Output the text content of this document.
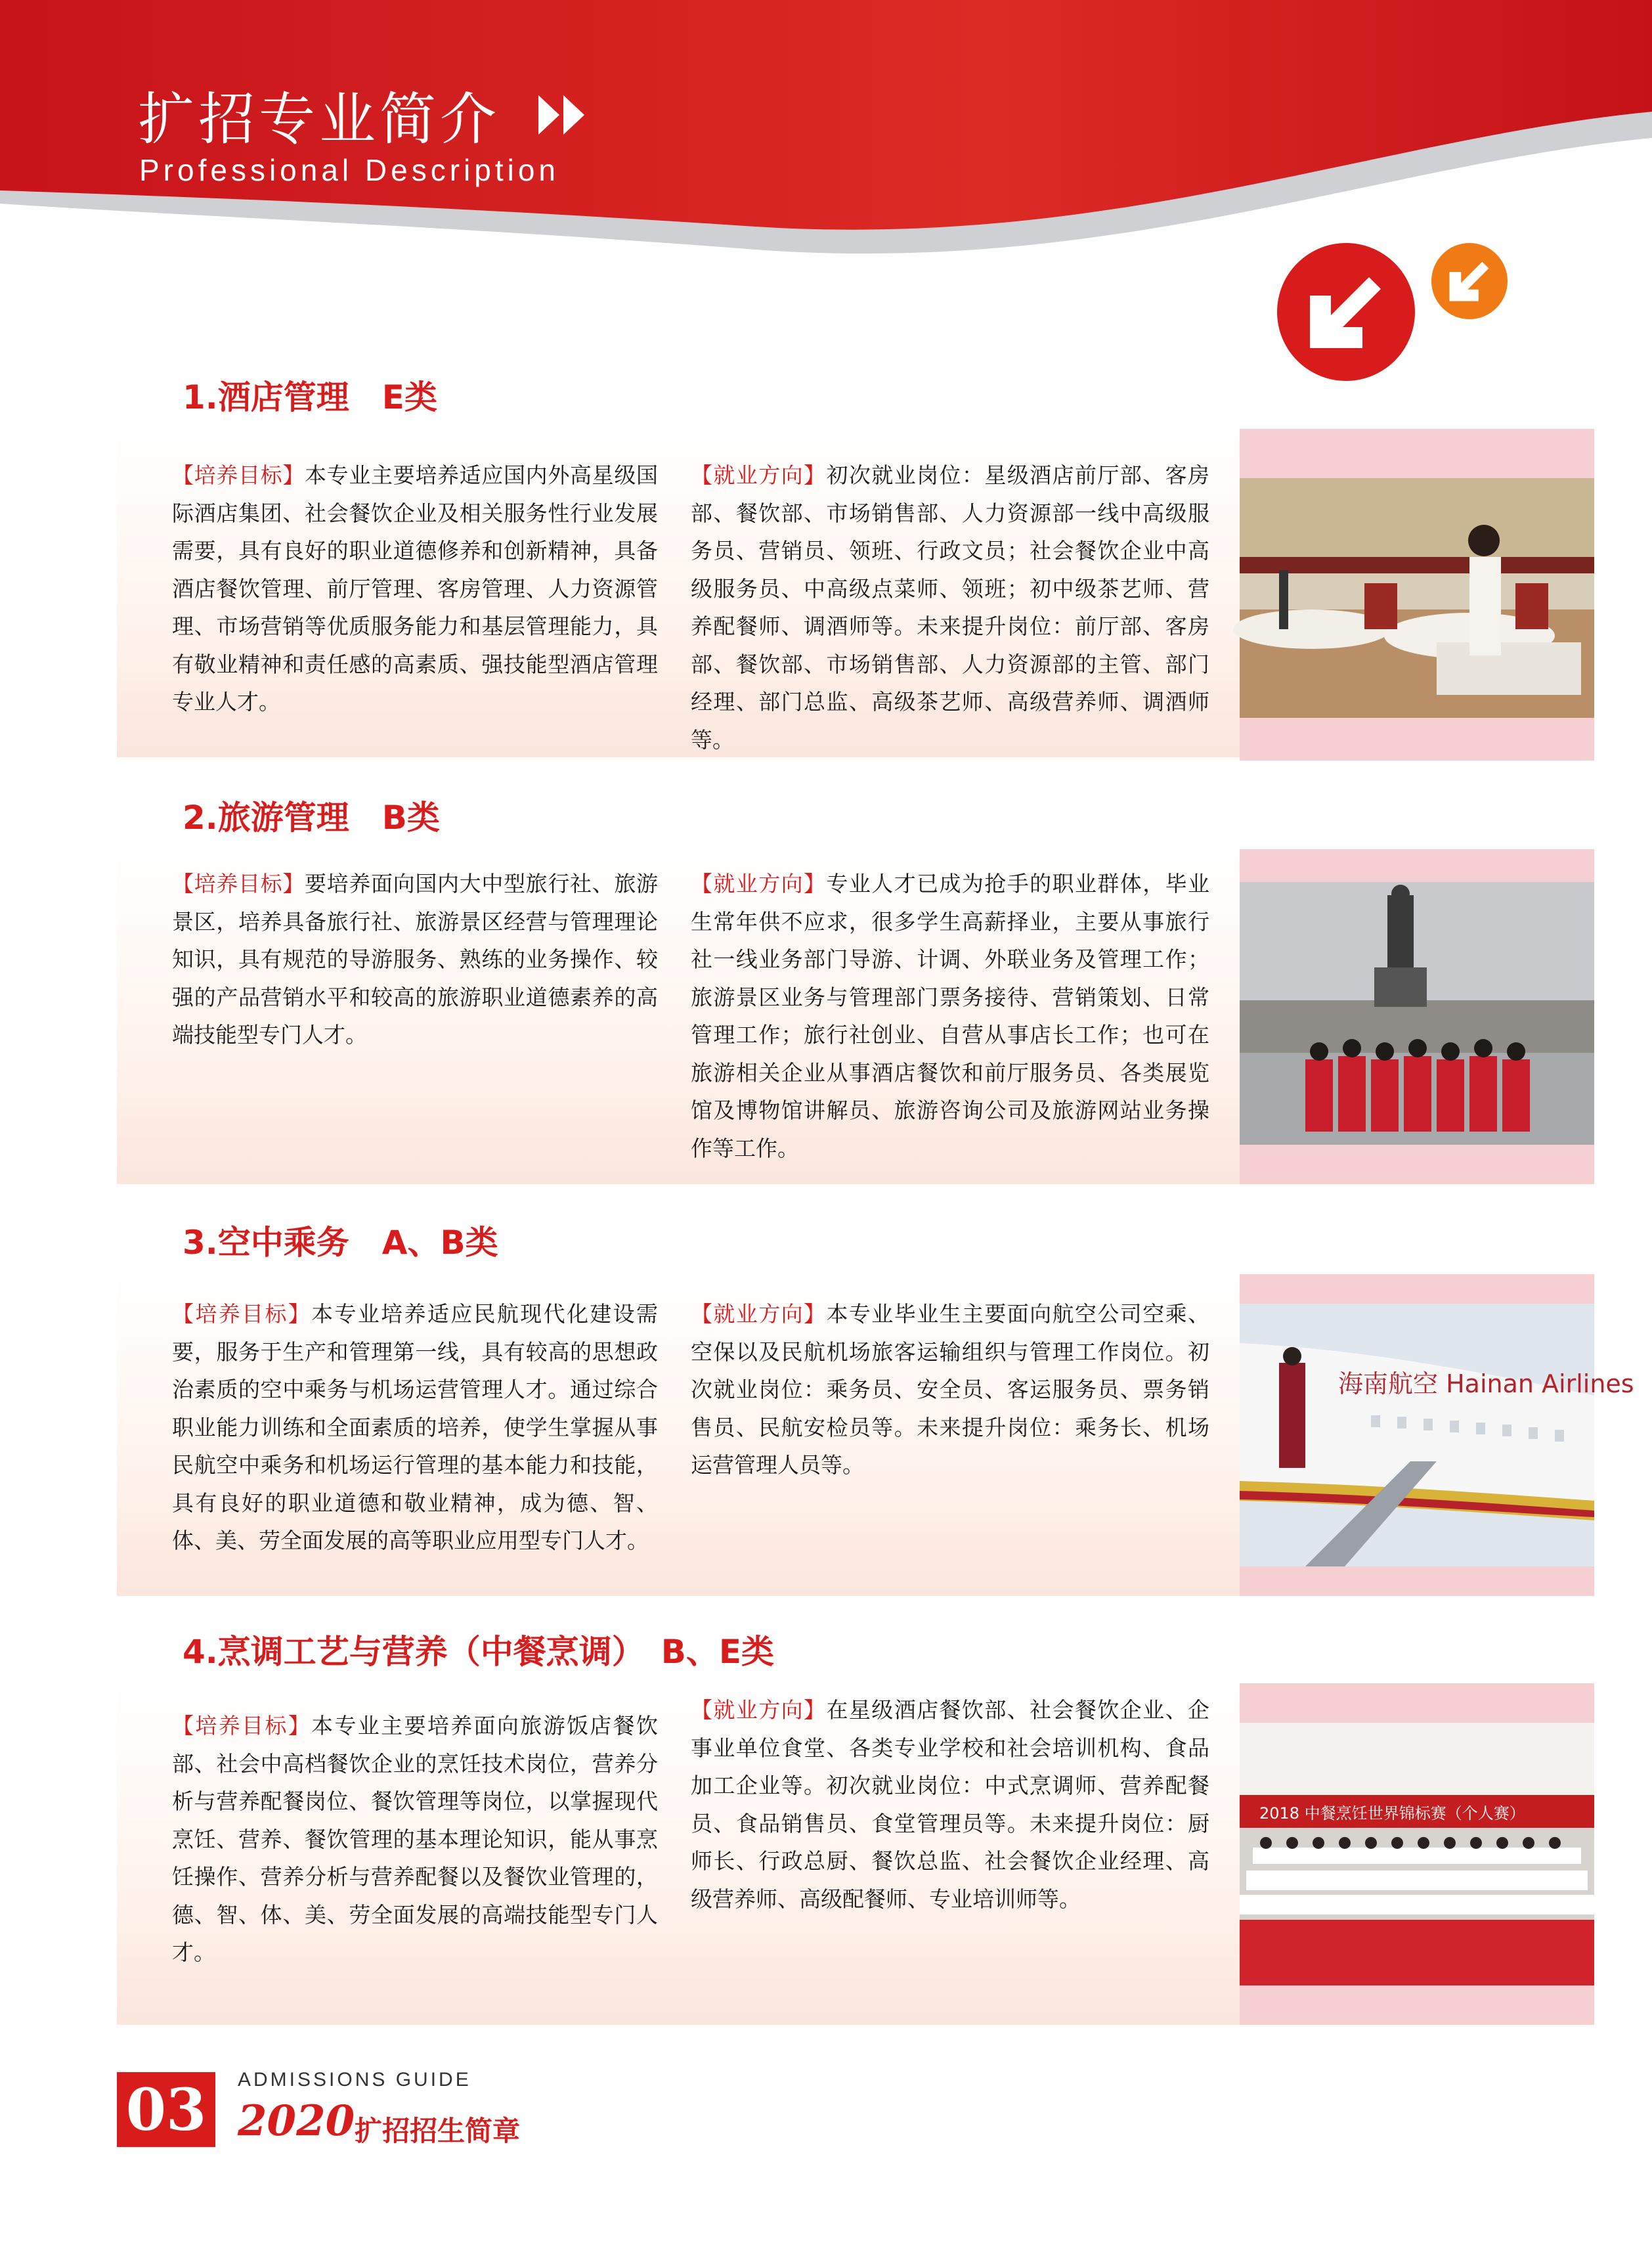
扩招专业简介
Professional Description
1.酒店管理　E类

【培养目标】本专业主要培养适应国内外高星级国际酒店集团、社会餐饮企业及相关服务性行业发展需要，具有良好的职业道德修养和创新精神，具备酒店餐饮管理、前厅管理、客房管理、人力资源管理、市场营销等优质服务能力和基层管理能力，具有敬业精神和责任感的高素质、强技能型酒店管理专业人才。

【就业方向】初次就业岗位：星级酒店前厅部、客房部、餐饮部、市场销售部、人力资源部一线中高级服务员、营销员、领班、行政文员；社会餐饮企业中高级服务员、中高级点菜师、领班；初中级茶艺师、营养配餐师、调酒师等。未来提升岗位：前厅部、客房部、餐饮部、市场销售部、人力资源部的主管、部门经理、部门总监、高级茶艺师、高级营养师、调酒师等。

2.旅游管理　B类

【培养目标】要培养面向国内大中型旅行社、旅游景区，培养具备旅行社、旅游景区经营与管理理论知识，具有规范的导游服务、熟练的业务操作、较强的产品营销水平和较高的旅游职业道德素养的高端技能型专门人才。

【就业方向】专业人才已成为抢手的职业群体，毕业生常年供不应求，很多学生高薪择业，主要从事旅行社一线业务部门导游、计调、外联业务及管理工作；旅游景区业务与管理部门票务接待、营销策划、日常管理工作；旅行社创业、自营从事店长工作；也可在旅游相关企业从事酒店餐饮和前厅服务员、各类展览馆及博物馆讲解员、旅游咨询公司及旅游网站业务操作等工作。

3.空中乘务　A、B类

【培养目标】本专业培养适应民航现代化建设需要，服务于生产和管理第一线，具有较高的思想政治素质的空中乘务与机场运营管理人才。通过综合职业能力训练和全面素质的培养，使学生掌握从事民航空中乘务和机场运行管理的基本能力和技能，具有良好的职业道德和敬业精神，成为德、智、体、美、劳全面发展的高等职业应用型专门人才。

【就业方向】本专业毕业生主要面向航空公司空乘、空保以及民航机场旅客运输组织与管理工作岗位。初次就业岗位：乘务员、安全员、客运服务员、票务销售员、民航安检员等。未来提升岗位：乘务长、机场运营管理人员等。

海南航空 Hainan Airlines
4.烹调工艺与营养（中餐烹调）　B、E类

【培养目标】本专业主要培养面向旅游饭店餐饮部、社会中高档餐饮企业的烹饪技术岗位，营养分析与营养配餐岗位、餐饮管理等岗位，以掌握现代烹饪、营养、餐饮管理的基本理论知识，能从事烹饪操作、营养分析与营养配餐以及餐饮业管理的，德、智、体、美、劳全面发展的高端技能型专门人才。

【就业方向】在星级酒店餐饮部、社会餐饮企业、企事业单位食堂、各类专业学校和社会培训机构、食品加工企业等。初次就业岗位：中式烹调师、营养配餐员、食品销售员、食堂管理员等。未来提升岗位：厨师长、行政总厨、餐饮总监、社会餐饮企业经理、高级营养师、高级配餐师、专业培训师等。

2018 中餐烹饪世界锦标赛（个人赛）
03	ADMISSIONS GUIDE
2020 扩招招生简章
